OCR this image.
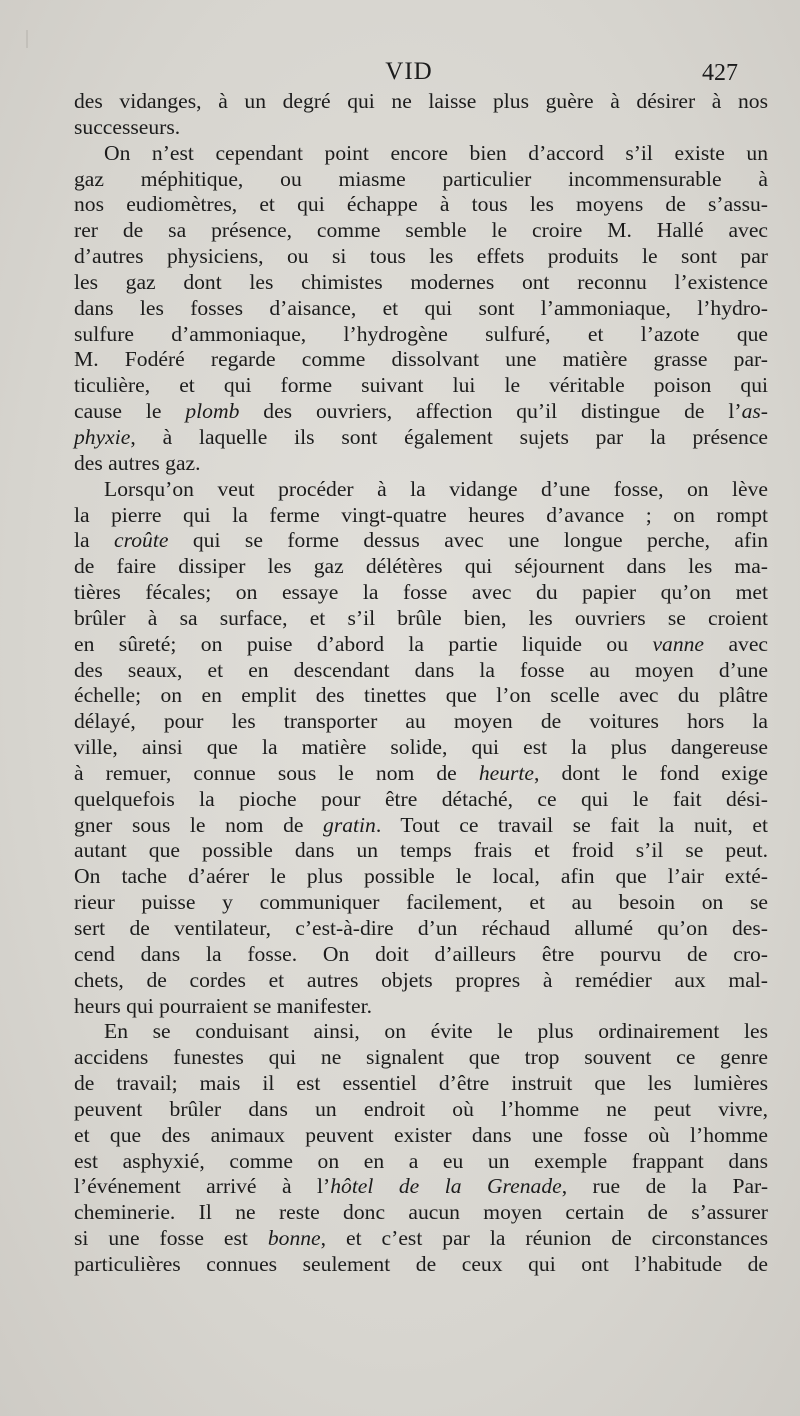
VID	427
des vidanges, à un degré qui ne laisse plus guère à désirer à nos
successeurs.
On n’est cependant point encore bien d’accord s’il existe un
gaz méphitique, ou miasme particulier incommensurable à
nos eudiomètres, et qui échappe à tous les moyens de s’assu-
rer de sa présence, comme semble le croire M. Hallé avec
d’autres physiciens, ou si tous les effets produits le sont par
les gaz dont les chimistes modernes ont reconnu l’existence
dans les fosses d’aisance, et qui sont l’ammoniaque, l’hydro-
sulfure d’ammoniaque, l’hydrogène sulfuré, et l’azote que
M. Fodéré regarde comme dissolvant une matière grasse par-
ticulière, et qui forme suivant lui le véritable poison qui
cause le plomb des ouvriers, affection qu’il distingue de l’as-
phyxie, à laquelle ils sont également sujets par la présence
des autres gaz.
Lorsqu’on veut procéder à la vidange d’une fosse, on lève
la pierre qui la ferme vingt-quatre heures d’avance ; on rompt
la croûte qui se forme dessus avec une longue perche, afin
de faire dissiper les gaz délétères qui séjournent dans les ma-
tières fécales; on essaye la fosse avec du papier qu’on met
brûler à sa surface, et s’il brûle bien, les ouvriers se croient
en sûreté; on puise d’abord la partie liquide ou vanne avec
des seaux, et en descendant dans la fosse au moyen d’une
échelle; on en emplit des tinettes que l’on scelle avec du plâtre
délayé, pour les transporter au moyen de voitures hors la
ville, ainsi que la matière solide, qui est la plus dangereuse
à remuer, connue sous le nom de heurte, dont le fond exige
quelquefois la pioche pour être détaché, ce qui le fait dési-
gner sous le nom de gratin. Tout ce travail se fait la nuit, et
autant que possible dans un temps frais et froid s’il se peut.
On tache d’aérer le plus possible le local, afin que l’air exté-
rieur puisse y communiquer facilement, et au besoin on se
sert de ventilateur, c’est-à-dire d’un réchaud allumé qu’on des-
cend dans la fosse. On doit d’ailleurs être pourvu de cro-
chets, de cordes et autres objets propres à remédier aux mal-
heurs qui pourraient se manifester.
En se conduisant ainsi, on évite le plus ordinairement les
accidens funestes qui ne signalent que trop souvent ce genre
de travail; mais il est essentiel d’être instruit que les lumières
peuvent brûler dans un endroit où l’homme ne peut vivre,
et que des animaux peuvent exister dans une fosse où l’homme
est asphyxié, comme on en a eu un exemple frappant dans
l’événement arrivé à l’hôtel de la Grenade, rue de la Par-
cheminerie. Il ne reste donc aucun moyen certain de s’assurer
si une fosse est bonne, et c’est par la réunion de circonstances
particulières connues seulement de ceux qui ont l’habitude de
